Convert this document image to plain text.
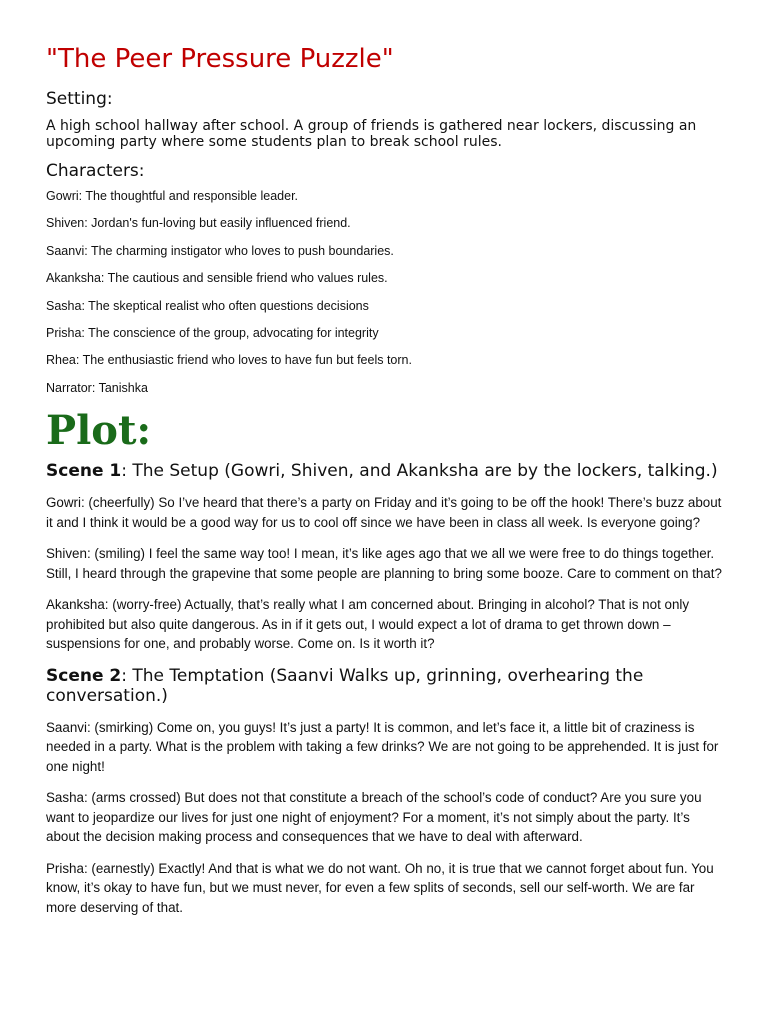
"The Peer Pressure Puzzle"
Setting:

A high school hallway after school. A group of friends is gathered near lockers, discussing an upcoming party where some students plan to break school rules.

Characters:
Gowri: The thoughtful and responsible leader.
Shiven: Jordan's fun-loving but easily influenced friend.
Saanvi: The charming instigator who loves to push boundaries.
Akanksha: The cautious and sensible friend who values rules.
Sasha: The skeptical realist who often questions decisions
Prisha: The conscience of the group, advocating for integrity
Rhea: The enthusiastic friend who loves to have fun but feels torn.
Narrator: Tanishka
Plot:
Scene 1: The Setup (Gowri, Shiven, and Akanksha are by the lockers, talking.)

Gowri: (cheerfully) So I’ve heard that there’s a party on Friday and it’s going to be off the hook! There’s buzz about it and I think it would be a good way for us to cool off since we have been in class all week. Is everyone going?

Shiven: (smiling) I feel the same way too! I mean, it’s like ages ago that we all we were free to do things together. Still, I heard through the grapevine that some people are planning to bring some booze. Care to comment on that?

Akanksha: (worry-free) Actually, that’s really what I am concerned about. Bringing in alcohol? That is not only prohibited but also quite dangerous. As in if it gets out, I would expect a lot of drama to get thrown down – suspensions for one, and probably worse. Come on. Is it worth it?

Scene 2: The Temptation (Saanvi Walks up, grinning, overhearing the conversation.)

Saanvi: (smirking) Come on, you guys! It’s just a party! It is common, and let’s face it, a little bit of craziness is needed in a party. What is the problem with taking a few drinks? We are not going to be apprehended. It is just for one night!

Sasha: (arms crossed) But does not that constitute a breach of the school’s code of conduct? Are you sure you want to jeopardize our lives for just one night of enjoyment? For a moment, it’s not simply about the party. It’s about the decision making process and consequences that we have to deal with afterward.

Prisha: (earnestly) Exactly! And that is what we do not want. Oh no, it is true that we cannot forget about fun. You know, it’s okay to have fun, but we must never, for even a few splits of seconds, sell our self-worth. We are far more deserving of that.
